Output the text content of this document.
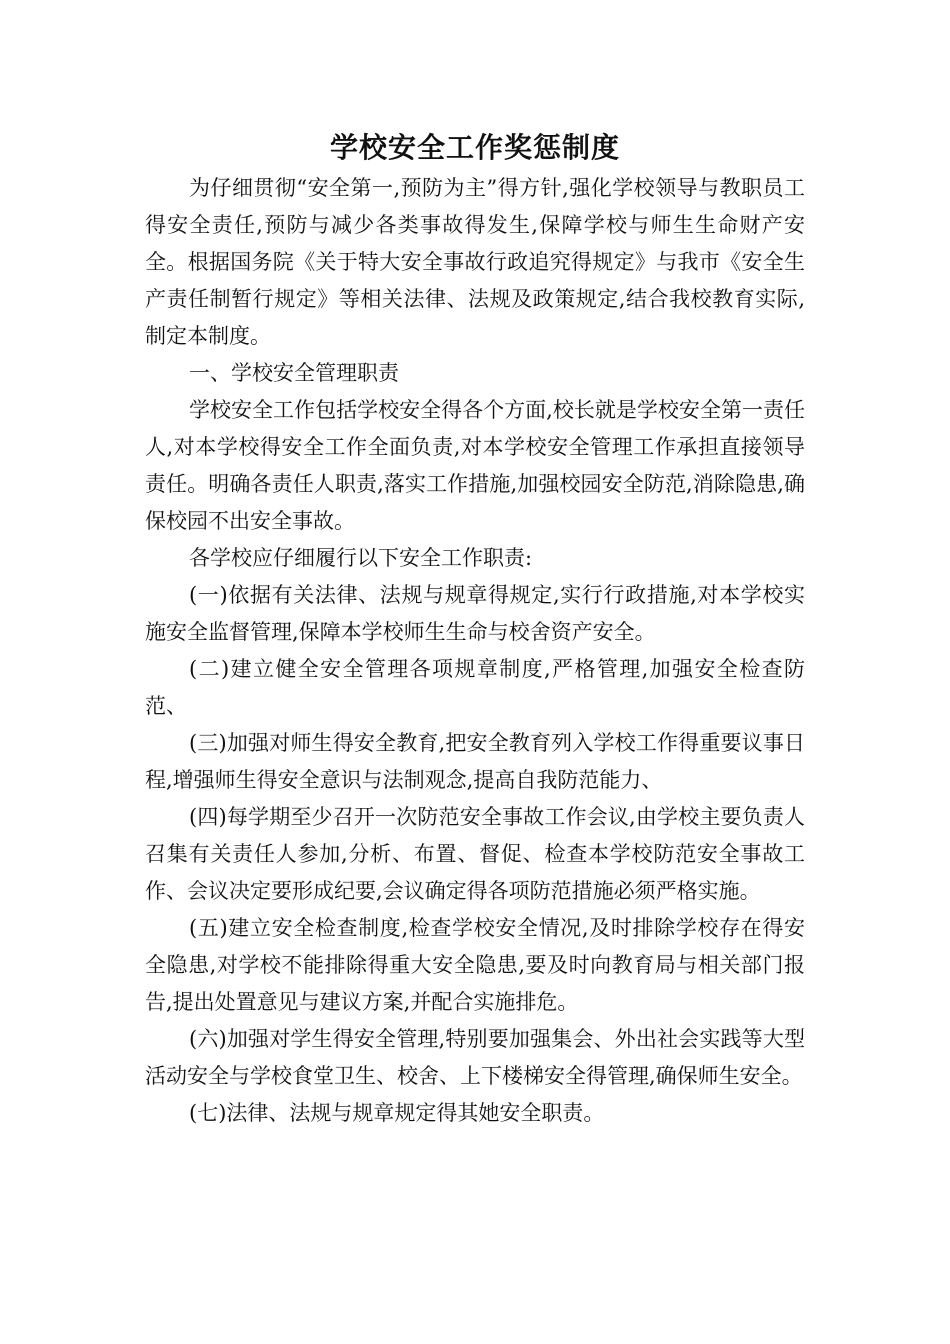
学校安全工作奖惩制度

为仔细贯彻“安全第一,预防为主”得方针,强化学校领导与教职员工得安全责任,预防与减少各类事故得发生,保障学校与师生生命财产安全。根据国务院《关于特大安全事故行政追究得规定》与我市《安全生产责任制暂行规定》等相关法律、法规及政策规定,结合我校教育实际,制定本制度。

一、学校安全管理职责

学校安全工作包括学校安全得各个方面,校长就是学校安全第一责任人,对本学校得安全工作全面负责,对本学校安全管理工作承担直接领导责任。明确各责任人职责,落实工作措施,加强校园安全防范,消除隐患,确保校园不出安全事故。

各学校应仔细履行以下安全工作职责:

(一)依据有关法律、法规与规章得规定,实行行政措施,对本学校实施安全监督管理,保障本学校师生生命与校舍资产安全。

(二)建立健全安全管理各项规章制度,严格管理,加强安全检查防范、

(三)加强对师生得安全教育,把安全教育列入学校工作得重要议事日程,增强师生得安全意识与法制观念,提高自我防范能力、

(四)每学期至少召开一次防范安全事故工作会议,由学校主要负责人召集有关责任人参加,分析、布置、督促、检查本学校防范安全事故工作、会议决定要形成纪要,会议确定得各项防范措施必须严格实施。

(五)建立安全检查制度,检查学校安全情况,及时排除学校存在得安全隐患,对学校不能排除得重大安全隐患,要及时向教育局与相关部门报告,提出处置意见与建议方案,并配合实施排危。

(六)加强对学生得安全管理,特别要加强集会、外出社会实践等大型活动安全与学校食堂卫生、校舍、上下楼梯安全得管理,确保师生安全。

(七)法律、法规与规章规定得其她安全职责。
